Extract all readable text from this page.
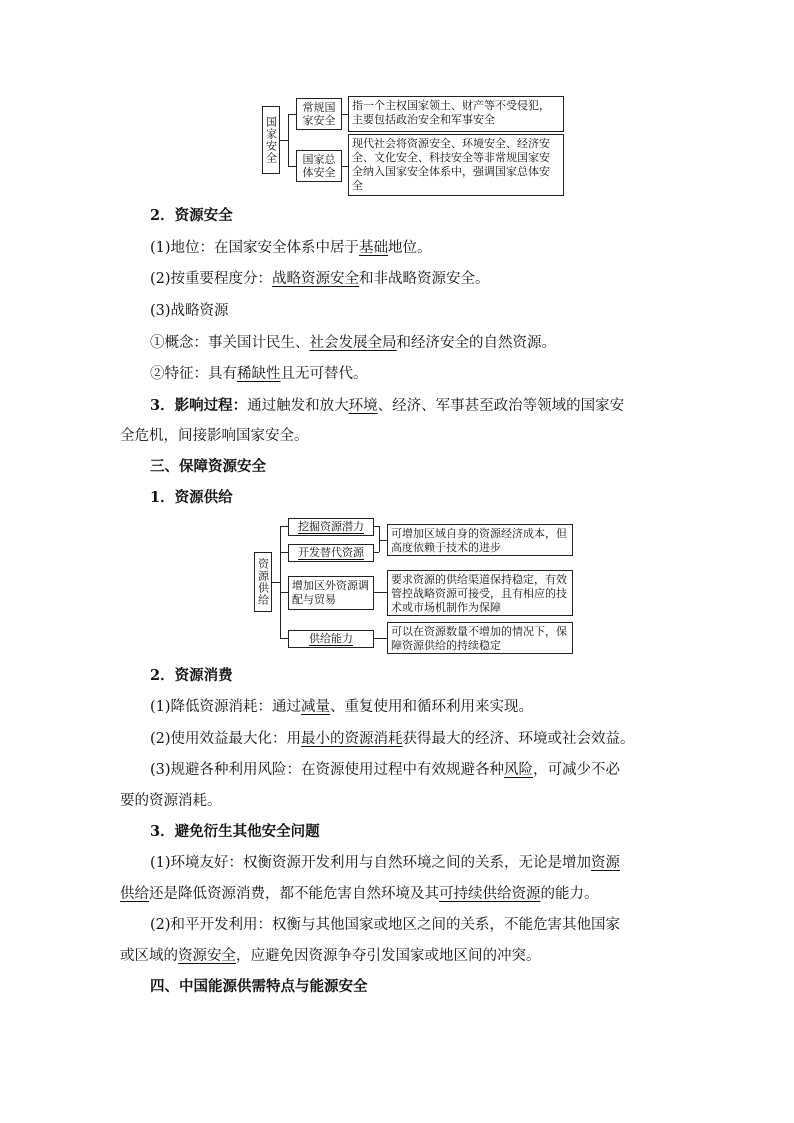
国家安全
常规国家安全
指一个主权国家领土、财产等不受侵犯，主要包括政治安全和军事安全
国家总体安全
现代社会将资源安全、环境安全、经济安全、文化安全、科技安全等非常规国家安全纳入国家安全体系中，强调国家总体安全
2．资源安全
(1)地位：在国家安全体系中居于基础地位。
(2)按重要程度分：战略资源安全和非战略资源安全。
(3)战略资源
①概念：事关国计民生、社会发展全局和经济安全的自然资源。
②特征：具有稀缺性且无可替代。
3．影响过程：通过触发和放大环境、经济、军事甚至政治等领域的国家安
全危机，间接影响国家安全。
三、保障资源安全
1．资源供给
资源供给
挖掘资源潜力
开发替代资源
增加区外资源调配与贸易
供给能力
可增加区域自身的资源经济成本，但高度依赖于技术的进步
要求资源的供给渠道保持稳定，有效管控战略资源可接受，且有相应的技术或市场机制作为保障
可以在资源数量不增加的情况下，保障资源供给的持续稳定
2．资源消费
(1)降低资源消耗：通过减量、重复使用和循环利用来实现。
(2)使用效益最大化：用最小的资源消耗获得最大的经济、环境或社会效益。
(3)规避各种利用风险：在资源使用过程中有效规避各种风险，可减少不必
要的资源消耗。
3．避免衍生其他安全问题
(1)环境友好：权衡资源开发利用与自然环境之间的关系，无论是增加资源
供给还是降低资源消费，都不能危害自然环境及其可持续供给资源的能力。
(2)和平开发利用：权衡与其他国家或地区之间的关系，不能危害其他国家
或区域的资源安全，应避免因资源争夺引发国家或地区间的冲突。
四、中国能源供需特点与能源安全
